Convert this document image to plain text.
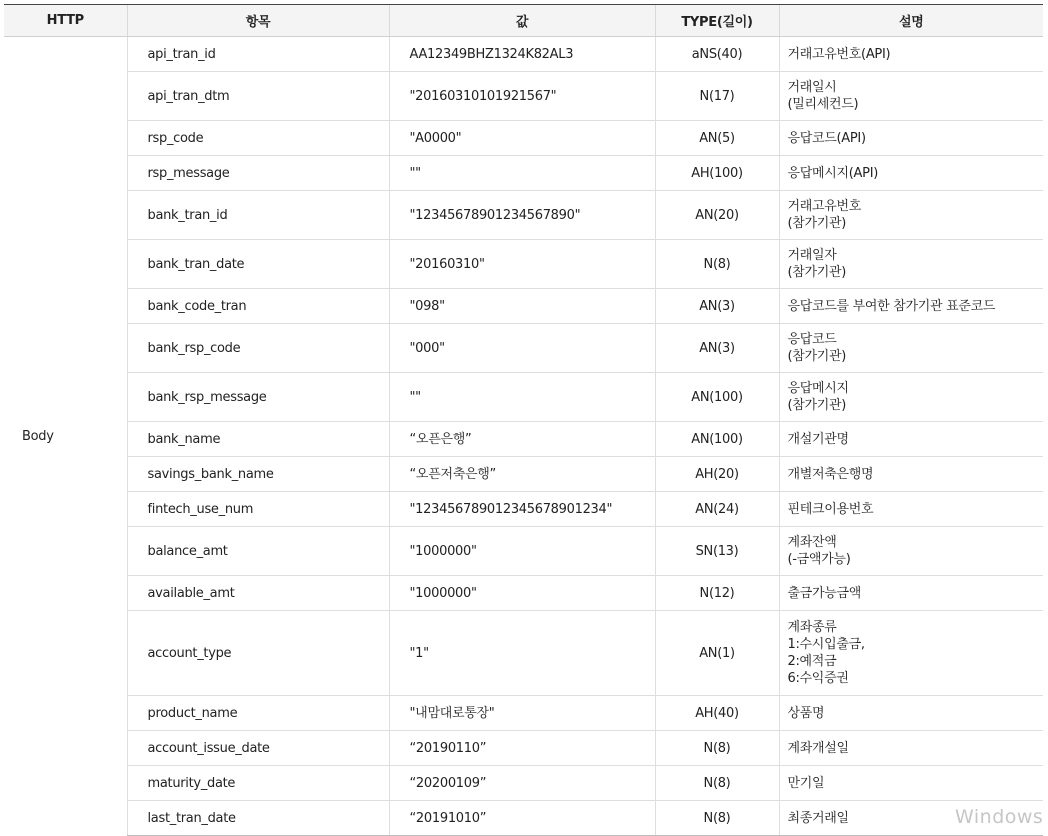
HTTP	항목	값	TYPE(길이)	설명
Body	api_tran_id	AA12349BHZ1324K82AL3	aNS(40)	거래고유번호(API)

	api_tran_dtm	"20160310101921567"	N(17)	거래일시
(밀리세컨드)

	rsp_code	"A0000"	AN(5)	응답코드(API)

	rsp_message	""	AH(100)	응답메시지(API)

	bank_tran_id	"12345678901234567890"	AN(20)	거래고유번호
(참가기관)

	bank_tran_date	"20160310"	N(8)	거래일자
(참가기관)

	bank_code_tran	"098"	AN(3)	응답코드를 부여한 참가기관 표준코드

	bank_rsp_code	"000"	AN(3)	응답코드
(참가기관)

	bank_rsp_message	""	AN(100)	응답메시지
(참가기관)

	bank_name	“오픈은행”	AN(100)	개설기관명

	savings_bank_name	“오픈저축은행”	AH(20)	개별저축은행명

	fintech_use_num	"123456789012345678901234"	AN(24)	핀테크이용번호

	balance_amt	"1000000"	SN(13)	계좌잔액
(-금액가능)

	available_amt	"1000000"	N(12)	출금가능금액

	account_type	"1"	AN(1)	계좌종류
1:수시입출금,
2:예적금
6:수익증권

	product_name	"내맘대로통장"	AH(40)	상품명

	account_issue_date	“20190110”	N(8)	계좌개설일

	maturity_date	“20200109”	N(8)	만기일

	last_tran_date	“20191010”	N(8)	최종거래일	Windows
